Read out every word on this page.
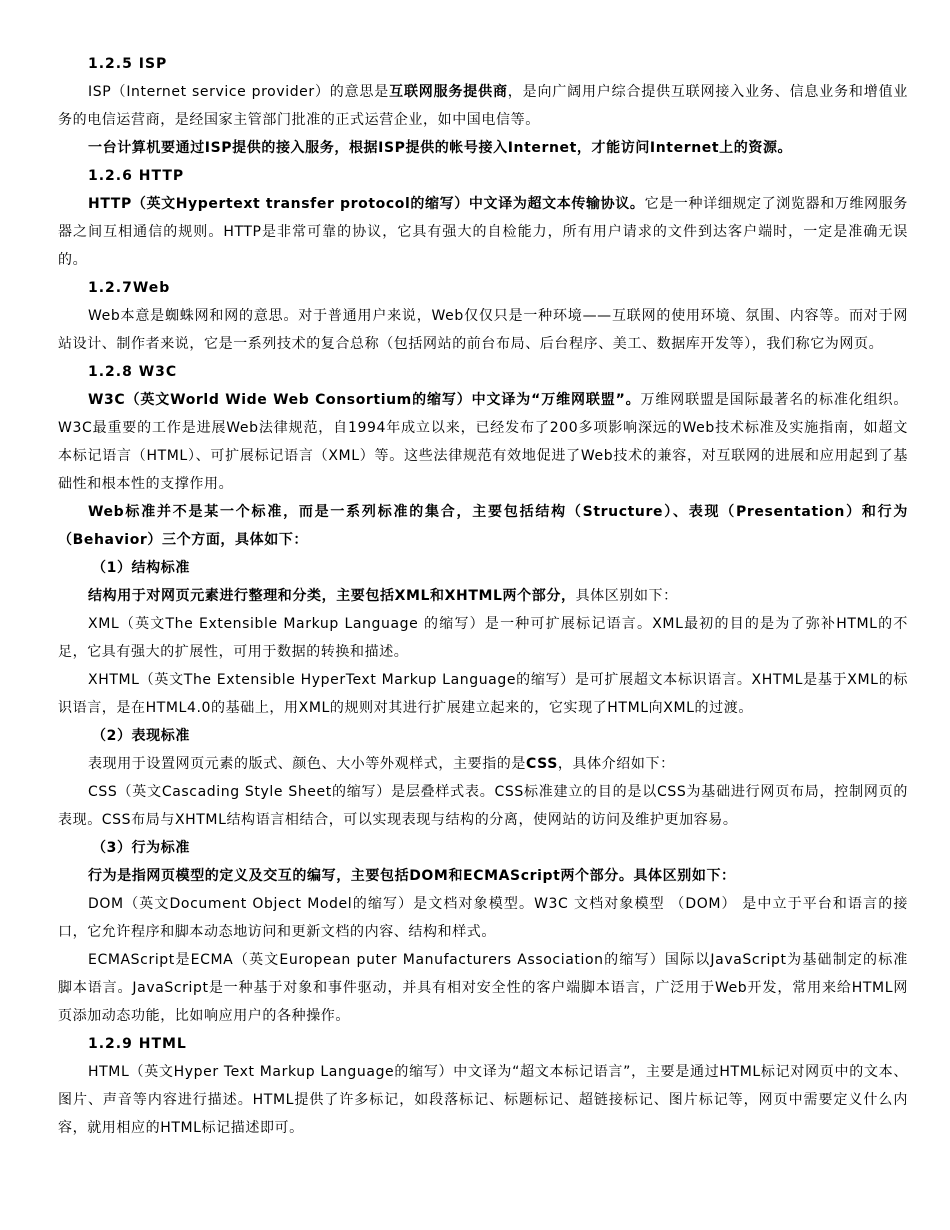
1.2.5 ISP

ISP（Internet service provider）的意思是互联网服务提供商，是向广阔用户综合提供互联网接入业务、信息业务和增值业务的电信运营商，是经国家主管部门批准的正式运营企业，如中国电信等。

一台计算机要通过ISP提供的接入服务，根据ISP提供的帐号接入Internet，才能访问Internet上的资源。

1.2.6 HTTP

HTTP（英文Hypertext transfer protocol的缩写）中文译为超文本传输协议。它是一种详细规定了浏览器和万维网服务器之间互相通信的规则。HTTP是非常可靠的协议，它具有强大的自检能力，所有用户请求的文件到达客户端时，一定是准确无误的。

1.2.7Web

Web本意是蜘蛛网和网的意思。对于普通用户来说，Web仅仅只是一种环境——互联网的使用环境、氛围、内容等。而对于网站设计、制作者来说，它是一系列技术的复合总称（包括网站的前台布局、后台程序、美工、数据库开发等），我们称它为网页。

1.2.8 W3C

W3C（英文World Wide Web Consortium的缩写）中文译为“万维网联盟”。万维网联盟是国际最著名的标准化组织。W3C最重要的工作是进展Web法律规范，自1994年成立以来，已经发布了200多项影响深远的Web技术标准及实施指南，如超文本标记语言（HTML）、可扩展标记语言（XML）等。这些法律规范有效地促进了Web技术的兼容，对互联网的进展和应用起到了基础性和根本性的支撑作用。

Web标准并不是某一个标准，而是一系列标准的集合，主要包括结构（Structure）、表现（Presentation）和行为（Behavior）三个方面，具体如下：

（1）结构标准

结构用于对网页元素进行整理和分类，主要包括XML和XHTML两个部分，具体区别如下：

XML（英文The Extensible Markup Language 的缩写）是一种可扩展标记语言。XML最初的目的是为了弥补HTML的不足，它具有强大的扩展性，可用于数据的转换和描述。

XHTML（英文The Extensible HyperText Markup Language的缩写）是可扩展超文本标识语言。XHTML是基于XML的标识语言，是在HTML4.0的基础上，用XML的规则对其进行扩展建立起来的，它实现了HTML向XML的过渡。

（2）表现标准

表现用于设置网页元素的版式、颜色、大小等外观样式，主要指的是CSS，具体介绍如下：

CSS（英文Cascading Style Sheet的缩写）是层叠样式表。CSS标准建立的目的是以CSS为基础进行网页布局，控制网页的表现。CSS布局与XHTML结构语言相结合，可以实现表现与结构的分离，使网站的访问及维护更加容易。

（3）行为标准

行为是指网页模型的定义及交互的编写，主要包括DOM和ECMAScript两个部分。具体区别如下：

DOM（英文Document Object Model的缩写）是文档对象模型。W3C 文档对象模型 （DOM） 是中立于平台和语言的接口，它允许程序和脚本动态地访问和更新文档的内容、结构和样式。

ECMAScript是ECMA（英文European puter Manufacturers Association的缩写）国际以JavaScript为基础制定的标准脚本语言。JavaScript是一种基于对象和事件驱动，并具有相对安全性的客户端脚本语言，广泛用于Web开发，常用来给HTML网页添加动态功能，比如响应用户的各种操作。

1.2.9 HTML

HTML（英文Hyper Text Markup Language的缩写）中文译为“超文本标记语言”，主要是通过HTML标记对网页中的文本、图片、声音等内容进行描述。HTML提供了许多标记，如段落标记、标题标记、超链接标记、图片标记等，网页中需要定义什么内容，就用相应的HTML标记描述即可。
